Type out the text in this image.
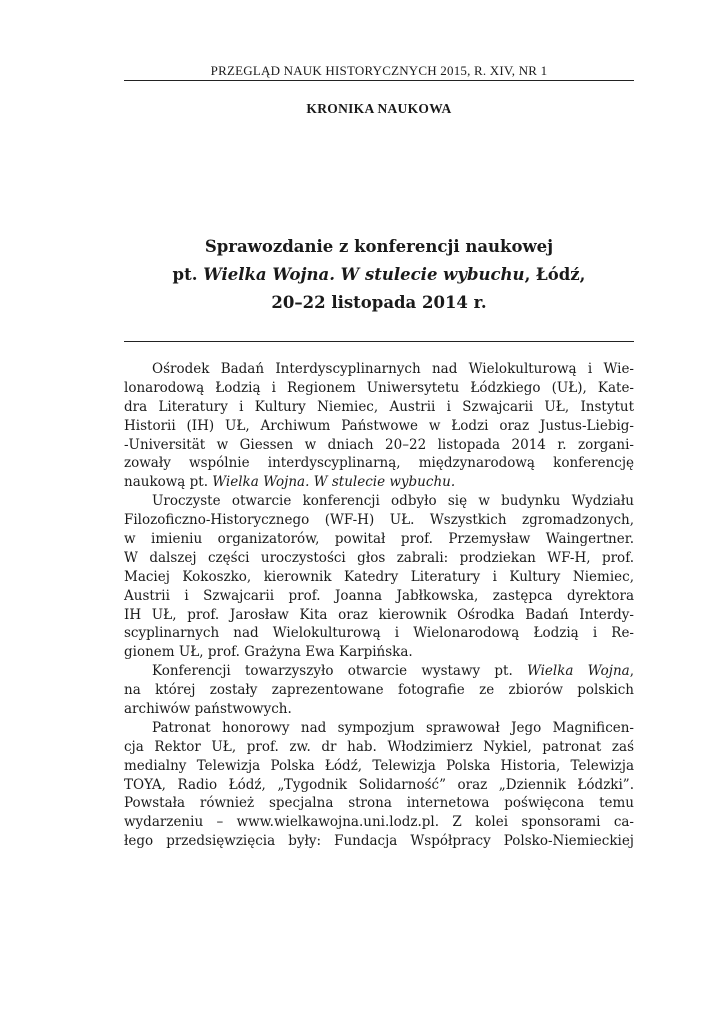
PRZEGLĄD NAUK HISTORYCZNYCH 2015, R. XIV, NR 1
KRONIKA NAUKOWA
Sprawozdanie z konferencji naukowej
pt. Wielka Wojna. W stulecie wybuchu, Łódź,
20–22 listopada 2014 r.
Ośrodek Badań Interdyscyplinarnych nad Wielokulturową i Wie-
lonarodową Łodzią i Regionem Uniwersytetu Łódzkiego (UŁ), Kate-
dra Literatury i Kultury Niemiec, Austrii i Szwajcarii UŁ, Instytut
Historii (IH) UŁ, Archiwum Państwowe w Łodzi oraz Justus-Liebig-
-Universität w Giessen w dniach 20–22 listopada 2014 r. zorgani-
zowały wspólnie interdyscyplinarną, międzynarodową konferencję
naukową pt. Wielka Wojna. W stulecie wybuchu.
Uroczyste otwarcie konferencji odbyło się w budynku Wydziału
Filozoficzno-Historycznego (WF-H) UŁ. Wszystkich zgromadzonych,
w imieniu organizatorów, powitał prof. Przemysław Waingertner.
W dalszej części uroczystości głos zabrali: prodziekan WF-H, prof.
Maciej Kokoszko, kierownik Katedry Literatury i Kultury Niemiec,
Austrii i Szwajcarii prof. Joanna Jabłkowska, zastępca dyrektora
IH UŁ, prof. Jarosław Kita oraz kierownik Ośrodka Badań Interdy-
scyplinarnych nad Wielokulturową i Wielonarodową Łodzią i Re-
gionem UŁ, prof. Grażyna Ewa Karpińska.
Konferencji towarzyszyło otwarcie wystawy pt. Wielka Wojna,
na której zostały zaprezentowane fotografie ze zbiorów polskich
archiwów państwowych.
Patronat honorowy nad sympozjum sprawował Jego Magnificen-
cja Rektor UŁ, prof. zw. dr hab. Włodzimierz Nykiel, patronat zaś
medialny Telewizja Polska Łódź, Telewizja Polska Historia, Telewizja
TOYA, Radio Łódź, „Tygodnik Solidarność” oraz „Dziennik Łódzki”.
Powstała również specjalna strona internetowa poświęcona temu
wydarzeniu – www.wielkawojna.uni.lodz.pl. Z kolei sponsorami ca-
łego przedsięwzięcia były: Fundacja Współpracy Polsko-Niemieckiej
